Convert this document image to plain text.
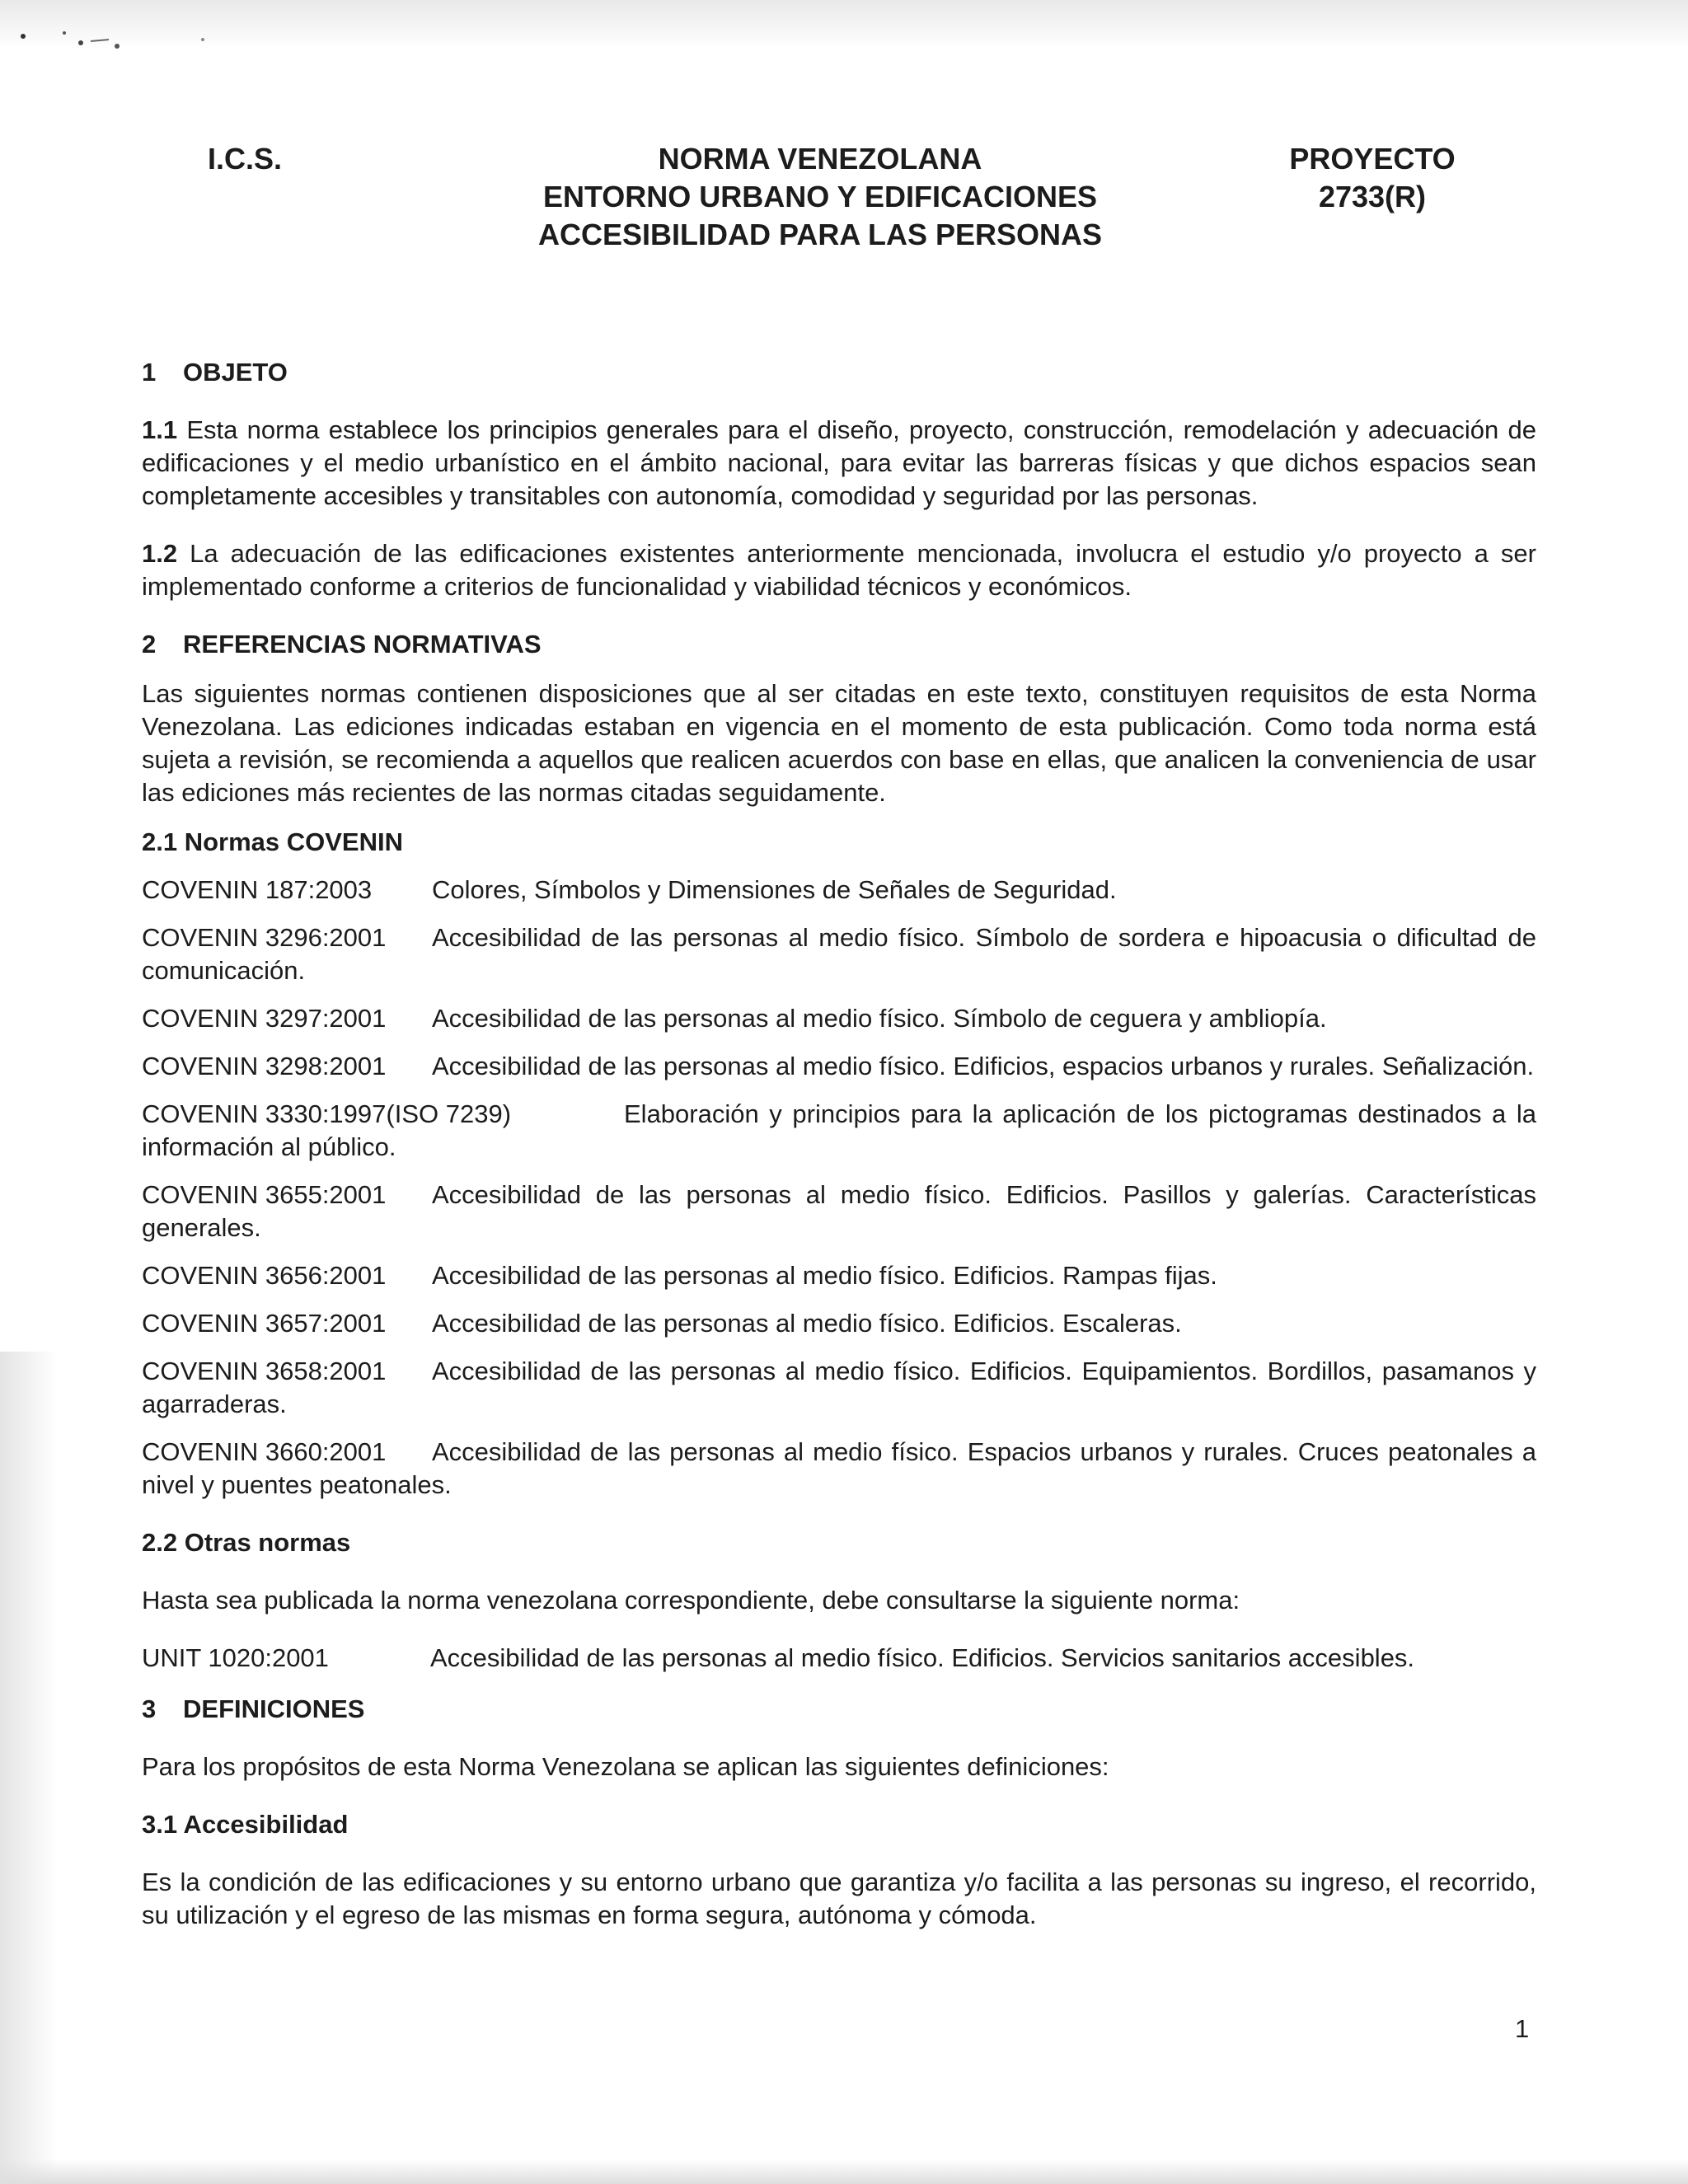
I.C.S.	NORMA VENEZOLANA
ENTORNO URBANO Y EDIFICACIONES
ACCESIBILIDAD PARA LAS PERSONAS
PROYECTO
2733(R)
1 OBJETO

1.1 Esta norma establece los principios generales para el diseño, proyecto, construcción, remodelación y adecuación de edificaciones y el medio urbanístico en el ámbito nacional, para evitar las barreras físicas y que dichos espacios sean completamente accesibles y transitables con autonomía, comodidad y seguridad por las personas.

1.2 La adecuación de las edificaciones existentes anteriormente mencionada, involucra el estudio y/o proyecto a ser implementado conforme a criterios de funcionalidad y viabilidad técnicos y económicos.

2 REFERENCIAS NORMATIVAS

Las siguientes normas contienen disposiciones que al ser citadas en este texto, constituyen requisitos de esta Norma Venezolana. Las ediciones indicadas estaban en vigencia en el momento de esta publicación. Como toda norma está sujeta a revisión, se recomienda a aquellos que realicen acuerdos con base en ellas, que analicen la conveniencia de usar las ediciones más recientes de las normas citadas seguidamente.

2.1 Normas COVENIN
COVENIN 187:2003 Colores, Símbolos y Dimensiones de Señales de Seguridad.
COVENIN 3296:2001 Accesibilidad de las personas al medio físico. Símbolo de sordera e hipoacusia o dificultad de comunicación.
COVENIN 3297:2001 Accesibilidad de las personas al medio físico. Símbolo de ceguera y ambliopía.
COVENIN 3298:2001 Accesibilidad de las personas al medio físico. Edificios, espacios urbanos y rurales. Señalización.
COVENIN 3330:1997(ISO 7239)	Elaboración y principios para la aplicación de los pictogramas destinados a la información al público.
COVENIN 3655:2001 Accesibilidad de las personas al medio físico. Edificios. Pasillos y galerías. Características generales.
COVENIN 3656:2001 Accesibilidad de las personas al medio físico. Edificios. Rampas fijas.
COVENIN 3657:2001 Accesibilidad de las personas al medio físico. Edificios. Escaleras.
COVENIN 3658:2001 Accesibilidad de las personas al medio físico. Edificios. Equipamientos. Bordillos, pasamanos y agarraderas.
COVENIN 3660:2001 Accesibilidad de las personas al medio físico. Espacios urbanos y rurales. Cruces peatonales a nivel y puentes peatonales.
2.2 Otras normas

Hasta sea publicada la norma venezolana correspondiente, debe consultarse la siguiente norma:

UNIT 1020:2001	Accesibilidad de las personas al medio físico. Edificios. Servicios sanitarios accesibles.
3 DEFINICIONES

Para los propósitos de esta Norma Venezolana se aplican las siguientes definiciones:

3.1 Accesibilidad

Es la condición de las edificaciones y su entorno urbano que garantiza y/o facilita a las personas su ingreso, el recorrido, su utilización y el egreso de las mismas en forma segura, autónoma y cómoda.

1
